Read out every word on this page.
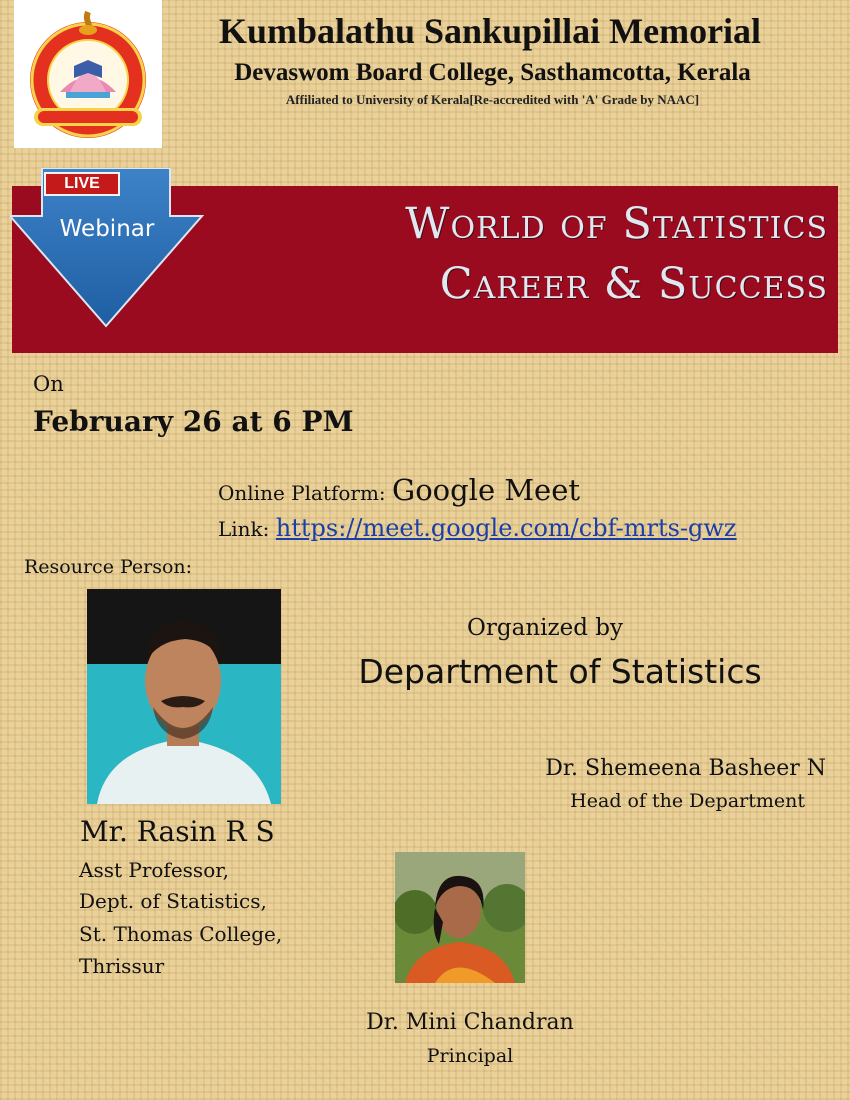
Kumbalathu Sankupillai Memorial
Devaswom Board College, Sasthamcotta, Kerala
Affiliated to University of Kerala[Re-accredited with 'A' Grade by NAAC]
World of Statistics
Career & Success
LIVE
Webinar
On
February 26 at 6 PM
Online Platform: Google Meet
Link: https://meet.google.com/cbf-mrts-gwz
Resource Person:
Mr. Rasin R S
Asst Professor,
Dept. of Statistics,
St. Thomas College,
Thrissur
Organized by
Department of Statistics
Dr. Shemeena Basheer N
Head of the Department
Dr. Mini Chandran
Principal
